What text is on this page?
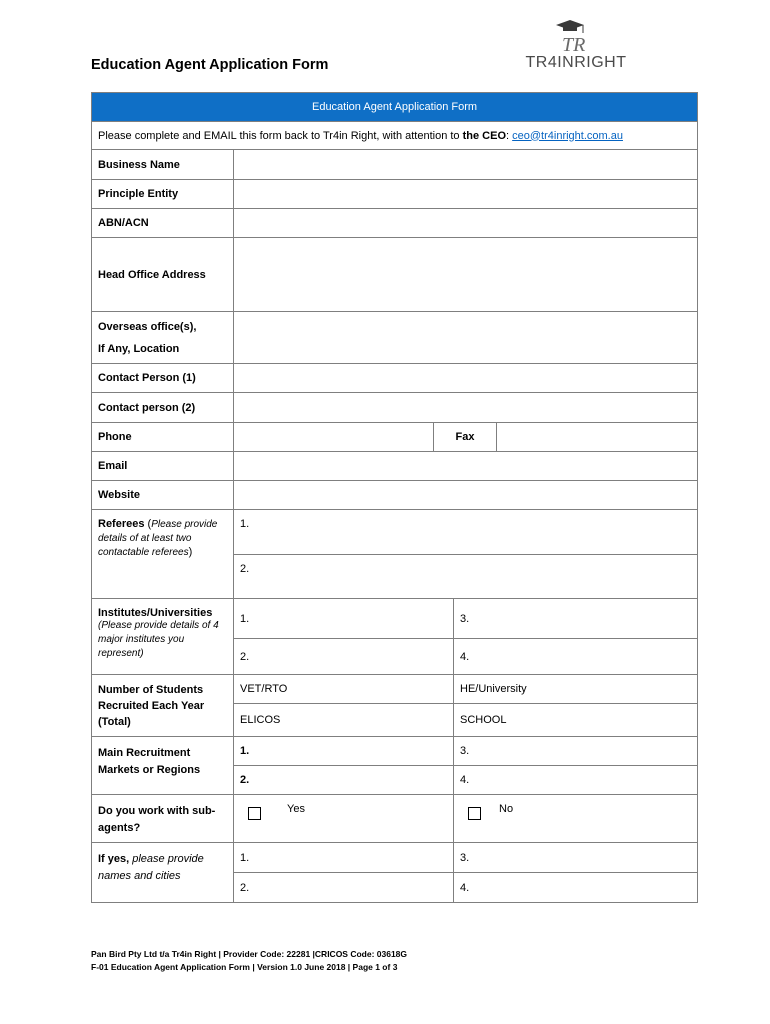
Education Agent Application Form
TR
TR4INRIGHT
Education Agent Application Form				
Please complete and EMAIL this form back to Tr4in Right, with attention to the CEO: ceo@tr4inright.com.au				
Business Name				
Principle Entity				
ABN/ACN				
Head Office Address				

Overseas office(s),
If Any, Location				

Contact Person (1)				
Contact person (2)				
Phone		Fax		
Email				
Website				
Referees (Please provide details of at least two contactable referees)	1.			
	2.			

Institutes/Universities
(Please provide details of 4 major institutes you represent)	1.		3.	
	2.		4.	
Number of Students Recruited Each Year (Total)	VET/RTO		HE/University	
	ELICOS		SCHOOL	
Main Recruitment Markets or Regions	1.		3.	
	2.		4.	
Do you work with sub-agents?	Yes		No	
If yes, please provide names and cities	1.		3.	
	2.		4.	
Pan Bird Pty Ltd t/a Tr4in Right | Provider Code: 22281 |CRICOS Code: 03618G
F-01 Education Agent Application Form | Version 1.0 June 2018 | Page 1 of 3
